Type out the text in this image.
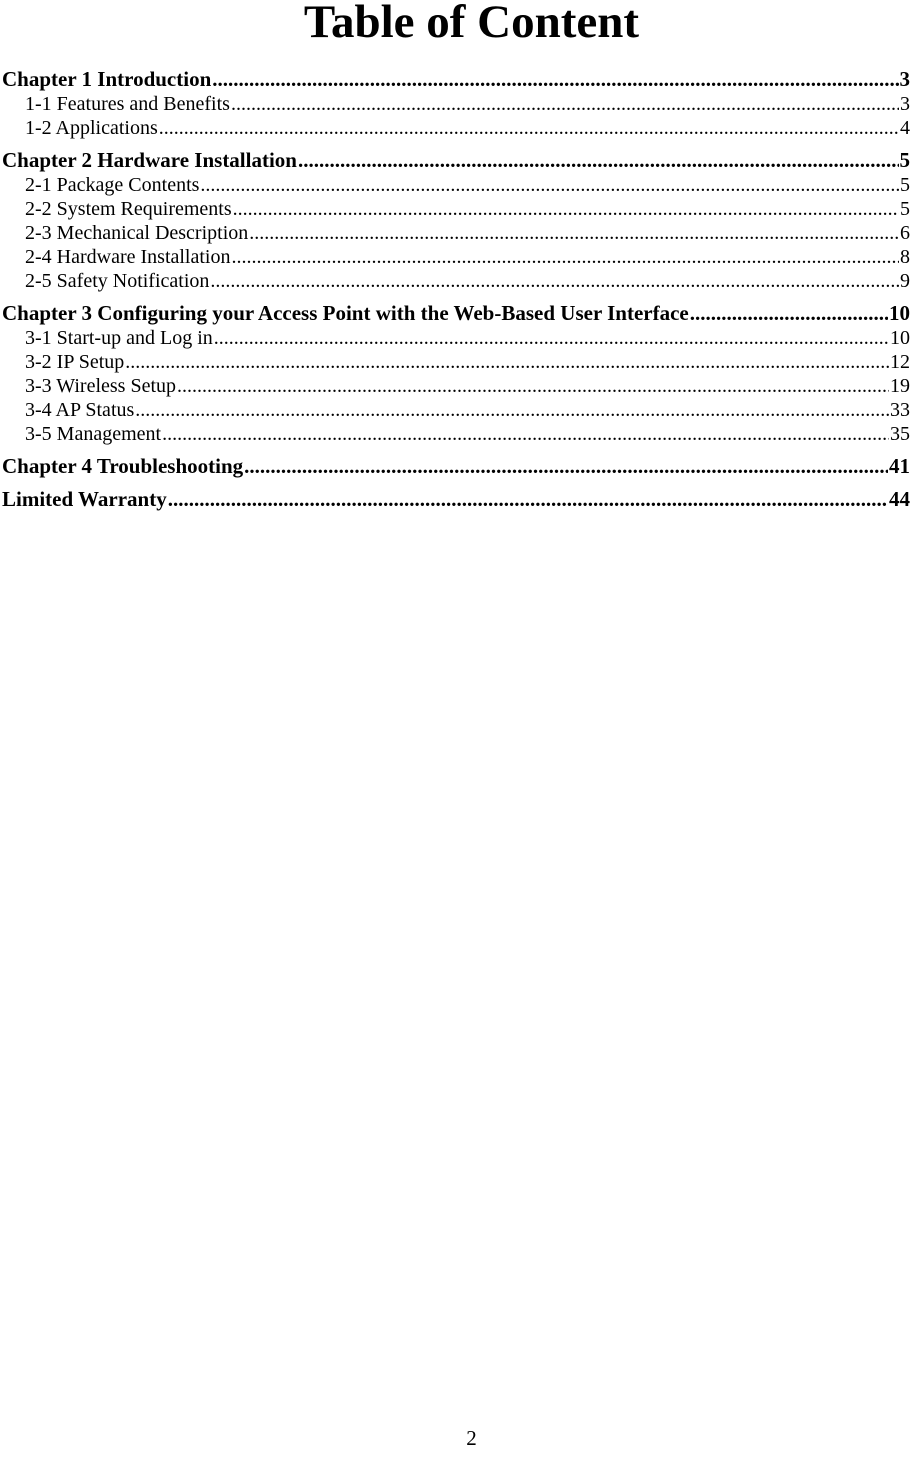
Table of Content
Chapter 1 Introduction .....	3
1-1 Features and Benefits .....	3
1-2 Applications .....	4
Chapter 2 Hardware Installation .....	5
2-1 Package Contents .....	5
2-2 System Requirements .....	5
2-3 Mechanical Description .....	6
2-4 Hardware Installation .....	8
2-5 Safety Notification .....	9
Chapter 3 Configuring your Access Point with the Web-Based User Interface .....	10
3-1 Start-up and Log in .....	10
3-2 IP Setup .....	12
3-3 Wireless Setup .....	19
3-4 AP Status .....	33
3-5 Management .....	35
Chapter 4 Troubleshooting .....	41
Limited Warranty .....	44
2
